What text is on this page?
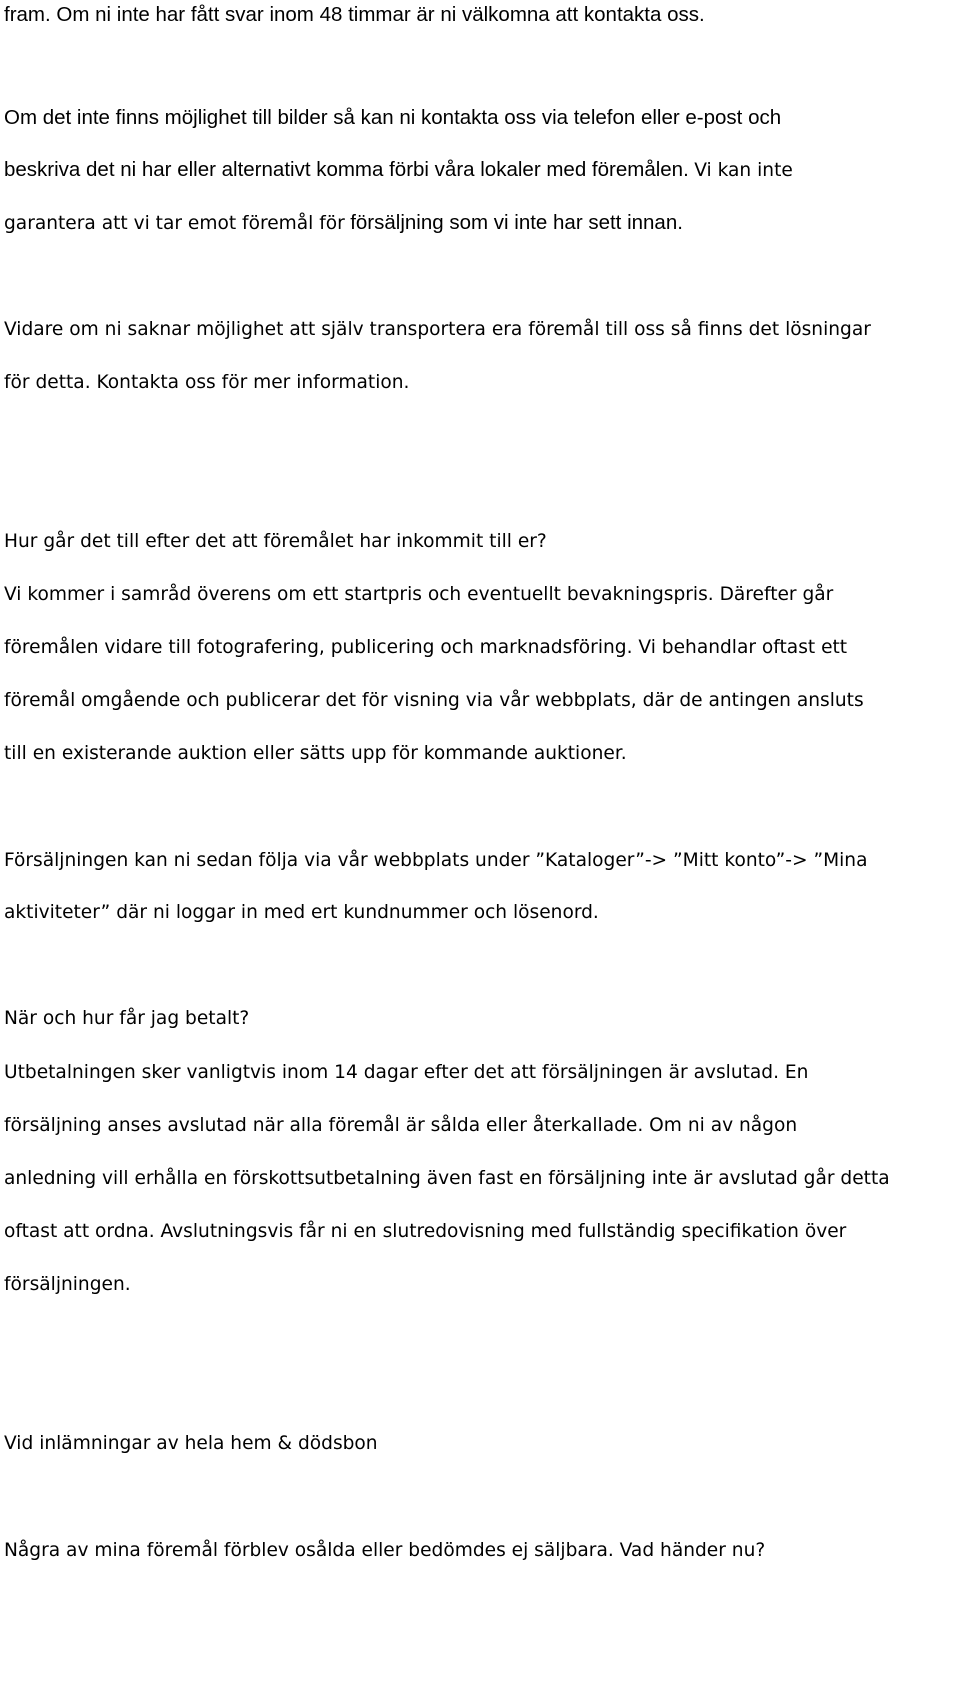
fram. Om ni inte har fått svar inom 48 timmar är ni välkomna att kontakta oss.
Om det inte finns möjlighet till bilder så kan ni kontakta oss via telefon eller e-post och
beskriva det ni har eller alternativt komma förbi våra lokaler med föremålen. Vi kan inte
garantera att vi tar emot föremål för försäljning som vi inte har sett innan.
Vidare om ni saknar möjlighet att själv transportera era föremål till oss så finns det lösningar
för detta. Kontakta oss för mer information.
Hur går det till efter det att föremålet har inkommit till er?
Vi kommer i samråd överens om ett startpris och eventuellt bevakningspris. Därefter går
föremålen vidare till fotografering, publicering och marknadsföring. Vi behandlar oftast ett
föremål omgående och publicerar det för visning via vår webbplats, där de antingen ansluts
till en existerande auktion eller sätts upp för kommande auktioner.
Försäljningen kan ni sedan följa via vår webbplats under ”Kataloger”-> ”Mitt konto”-> ”Mina
aktiviteter” där ni loggar in med ert kundnummer och lösenord.
När och hur får jag betalt?
Utbetalningen sker vanligtvis inom 14 dagar efter det att försäljningen är avslutad. En
försäljning anses avslutad när alla föremål är sålda eller återkallade. Om ni av någon
anledning vill erhålla en förskottsutbetalning även fast en försäljning inte är avslutad går detta
oftast att ordna. Avslutningsvis får ni en slutredovisning med fullständig specifikation över
försäljningen.
Vid inlämningar av hela hem & dödsbon
Några av mina föremål förblev osålda eller bedömdes ej säljbara. Vad händer nu?
